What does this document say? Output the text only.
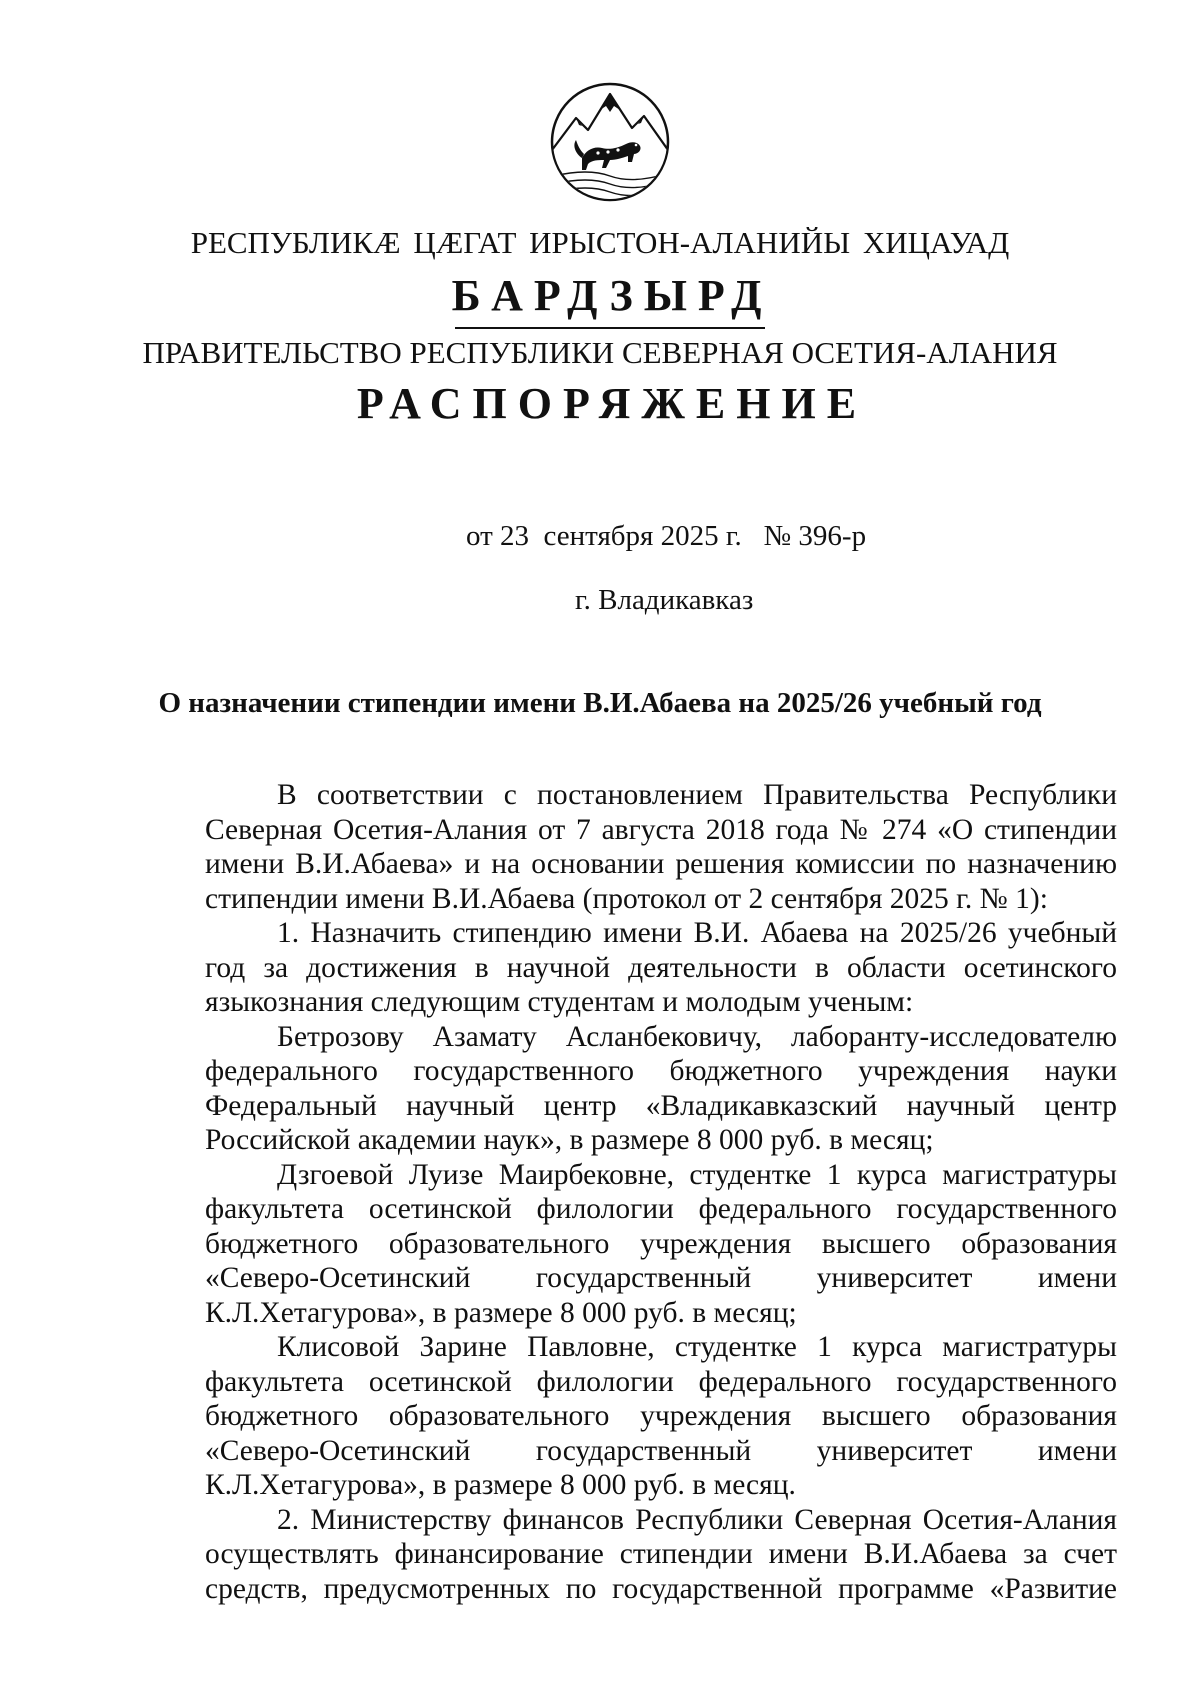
РЕСПУБЛИКӔ ЦӔГАТ ИРЫСТОН-АЛАНИЙЫ ХИЦАУАД
БАРДЗЫРД
ПРАВИТЕЛЬСТВО РЕСПУБЛИКИ СЕВЕРНАЯ ОСЕТИЯ-АЛАНИЯ
РАСПОРЯЖЕНИЕ
от 23  сентября 2025 г. № 396-р
г. Владикавказ
О назначении стипендии имени В.И.Абаева на 2025/26 учебный год

В соответствии с постановлением Правительства Республики Северная Осетия-Алания от 7 августа 2018 года № 274 «О стипендии имени В.И.Абаева» и на основании решения комиссии по назначению стипендии имени В.И.Абаева (протокол от 2 сентября 2025 г. № 1):

1. Назначить стипендию имени В.И. Абаева на 2025/26 учебный год за достижения в научной деятельности в области осетинского языкознания следующим студентам и молодым ученым:

Бетрозову Азамату Асланбековичу, лаборанту-исследователю федерального государственного бюджетного учреждения науки Федеральный научный центр «Владикавказский научный центр Российской академии наук», в размере 8 000 руб. в месяц;

Дзгоевой Луизе Маирбековне, студентке 1 курса магистратуры факультета осетинской филологии федерального государственного бюджетного образовательного учреждения высшего образования «Северо-Осетинский государственный университет имени К.Л.Хетагурова», в размере 8 000 руб. в месяц;

Клисовой Зарине Павловне, студентке 1 курса магистратуры факультета осетинской филологии федерального государственного бюджетного образовательного учреждения высшего образования «Северо-Осетинский государственный университет имени К.Л.Хетагурова», в размере 8 000 руб. в месяц.

2. Министерству финансов Республики Северная Осетия-Алания осуществлять финансирование стипендии имени В.И.Абаева за счет средств, предусмотренных по государственной программе «Развитие
